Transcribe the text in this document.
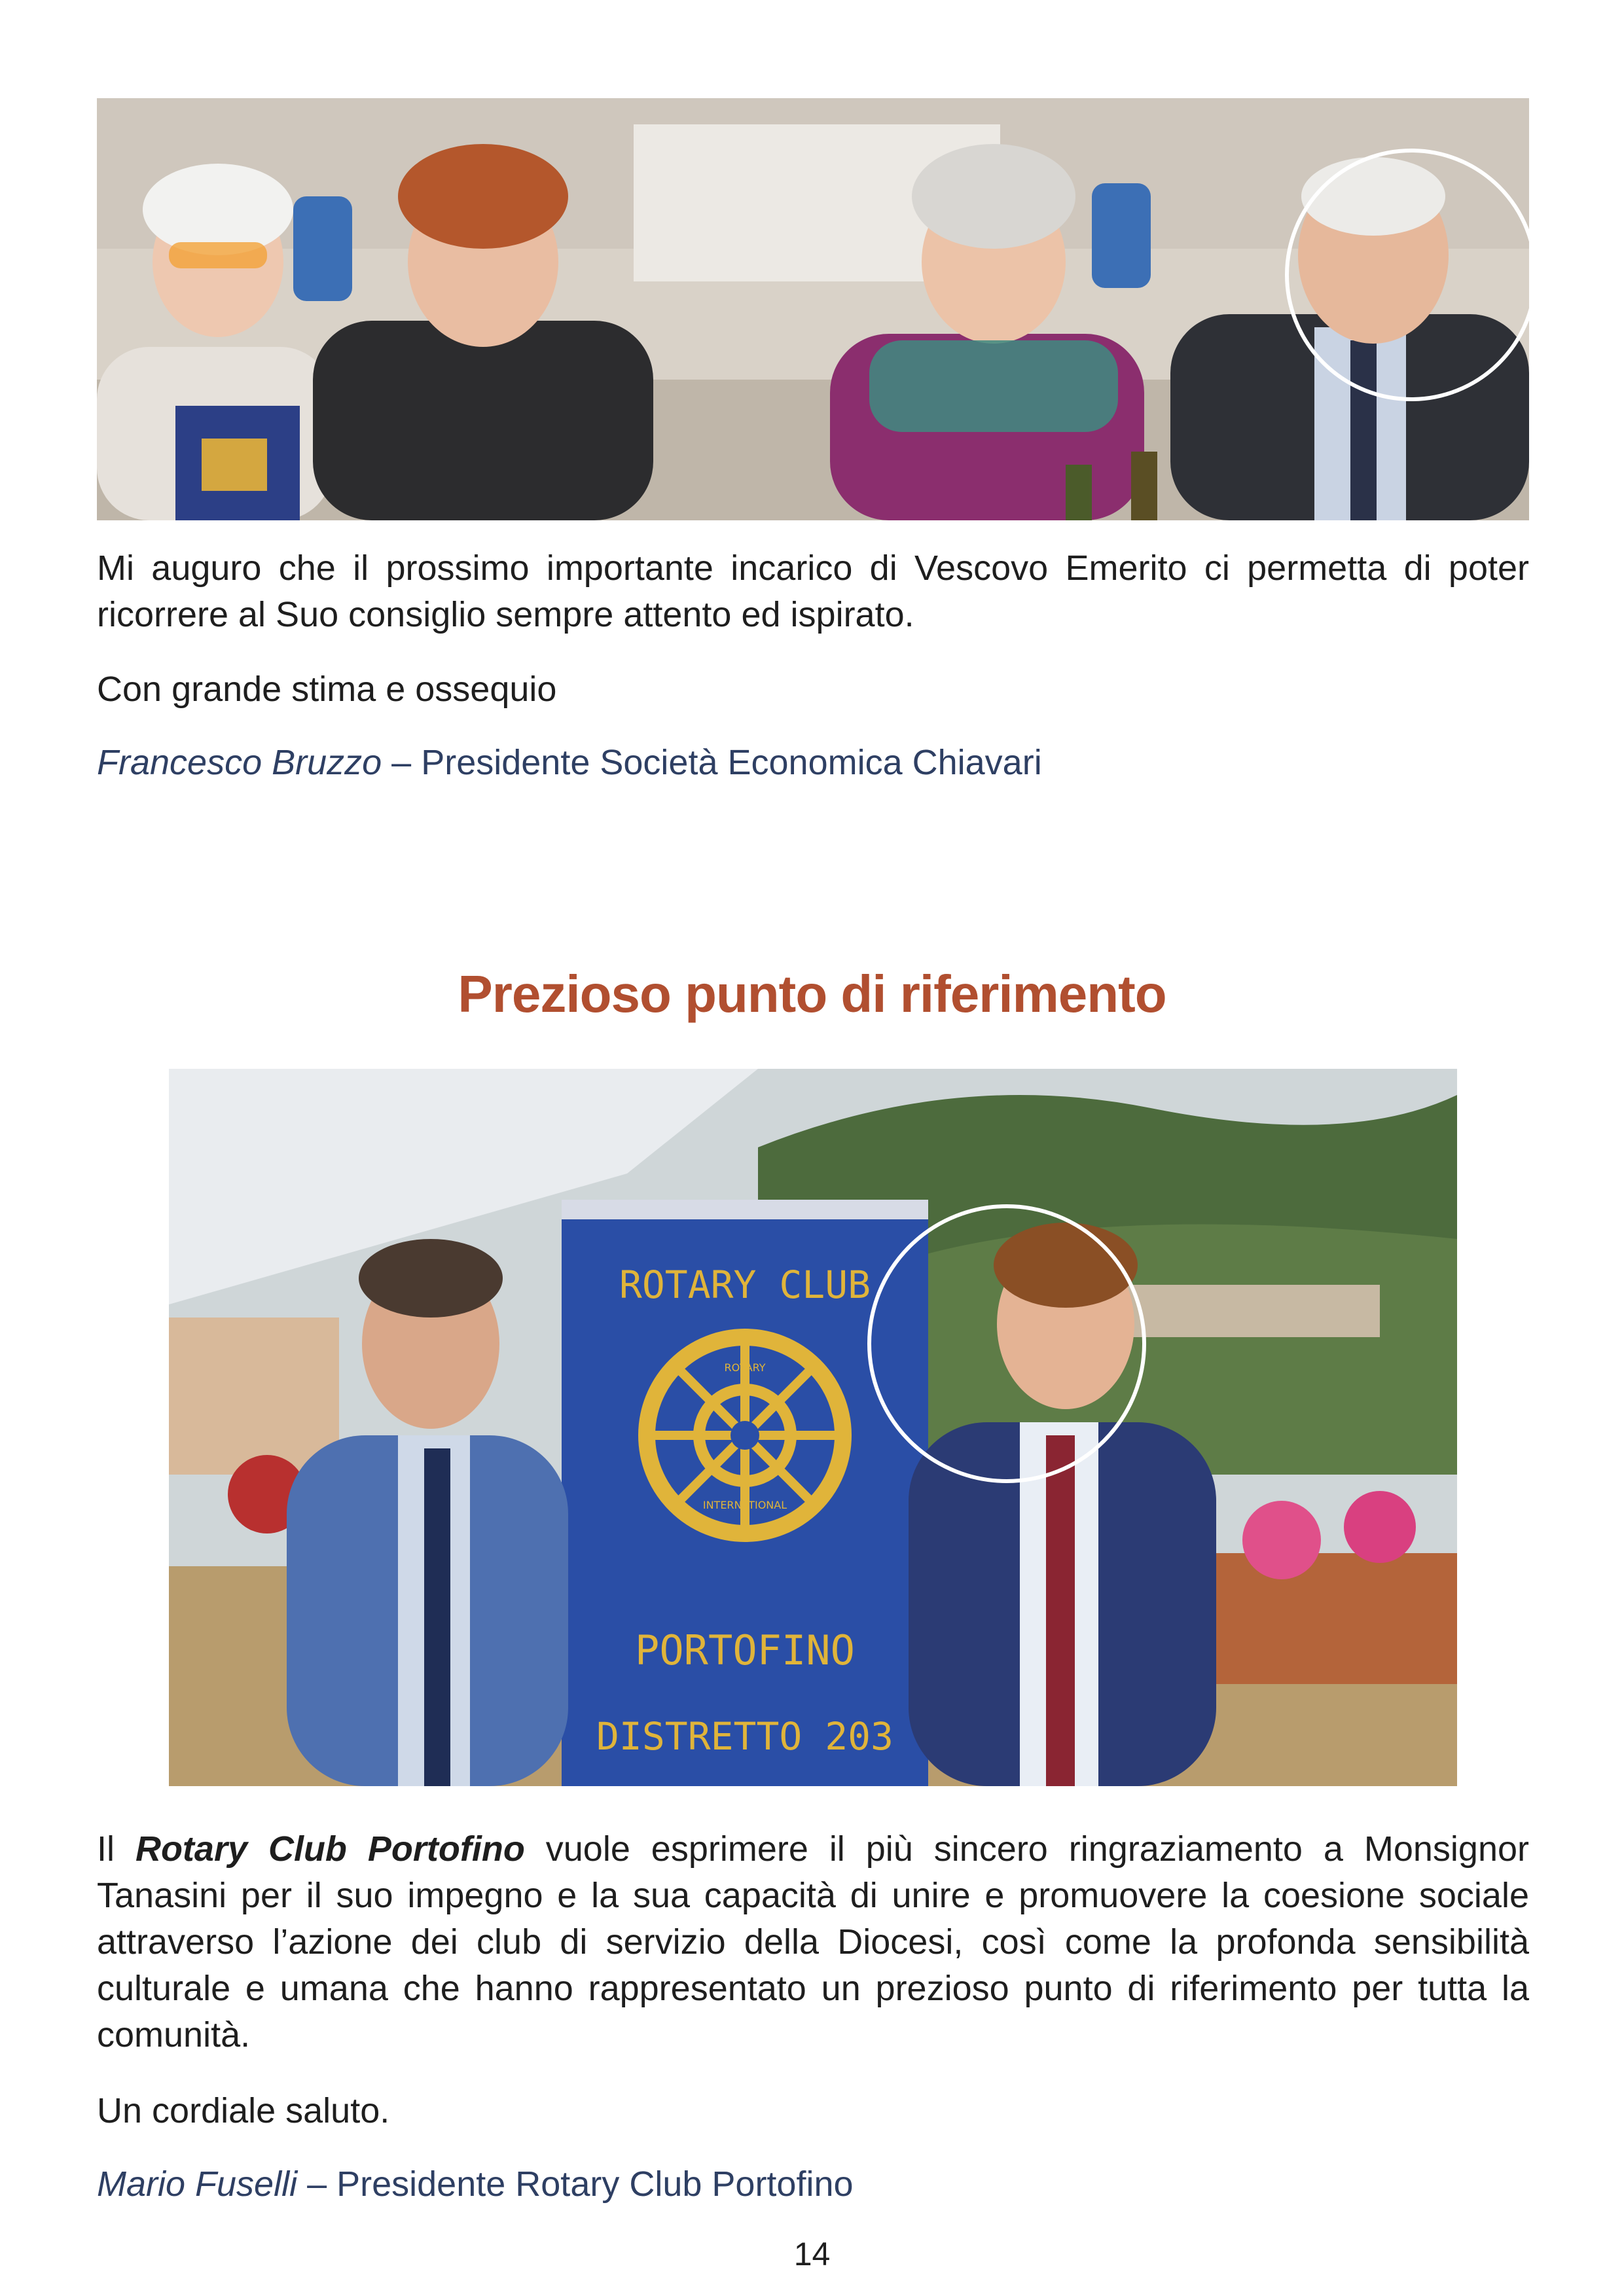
Mi auguro che il prossimo importante incarico di Vescovo Emerito ci permetta di poter ricorrere al Suo consiglio sempre attento ed ispirato.

Con grande stima e ossequio

Francesco Bruzzo – Presidente Società Economica Chiavari

Prezioso punto di riferimento
ROTARY CLUB
ROTARY
INTERNATIONAL
PORTOFINO
DISTRETTO 203

Il Rotary Club Portofino vuole esprimere il più sincero ringraziamento a Monsignor Tanasini per il suo impegno e la sua capacità di unire e promuovere la coesione sociale attraverso l’azione dei club di servizio della Diocesi, così come la profonda sensibilità culturale e umana che hanno rappresentato un prezioso punto di riferimento per tutta la comunità.

Un cordiale saluto.

Mario Fuselli – Presidente Rotary Club Portofino

14
